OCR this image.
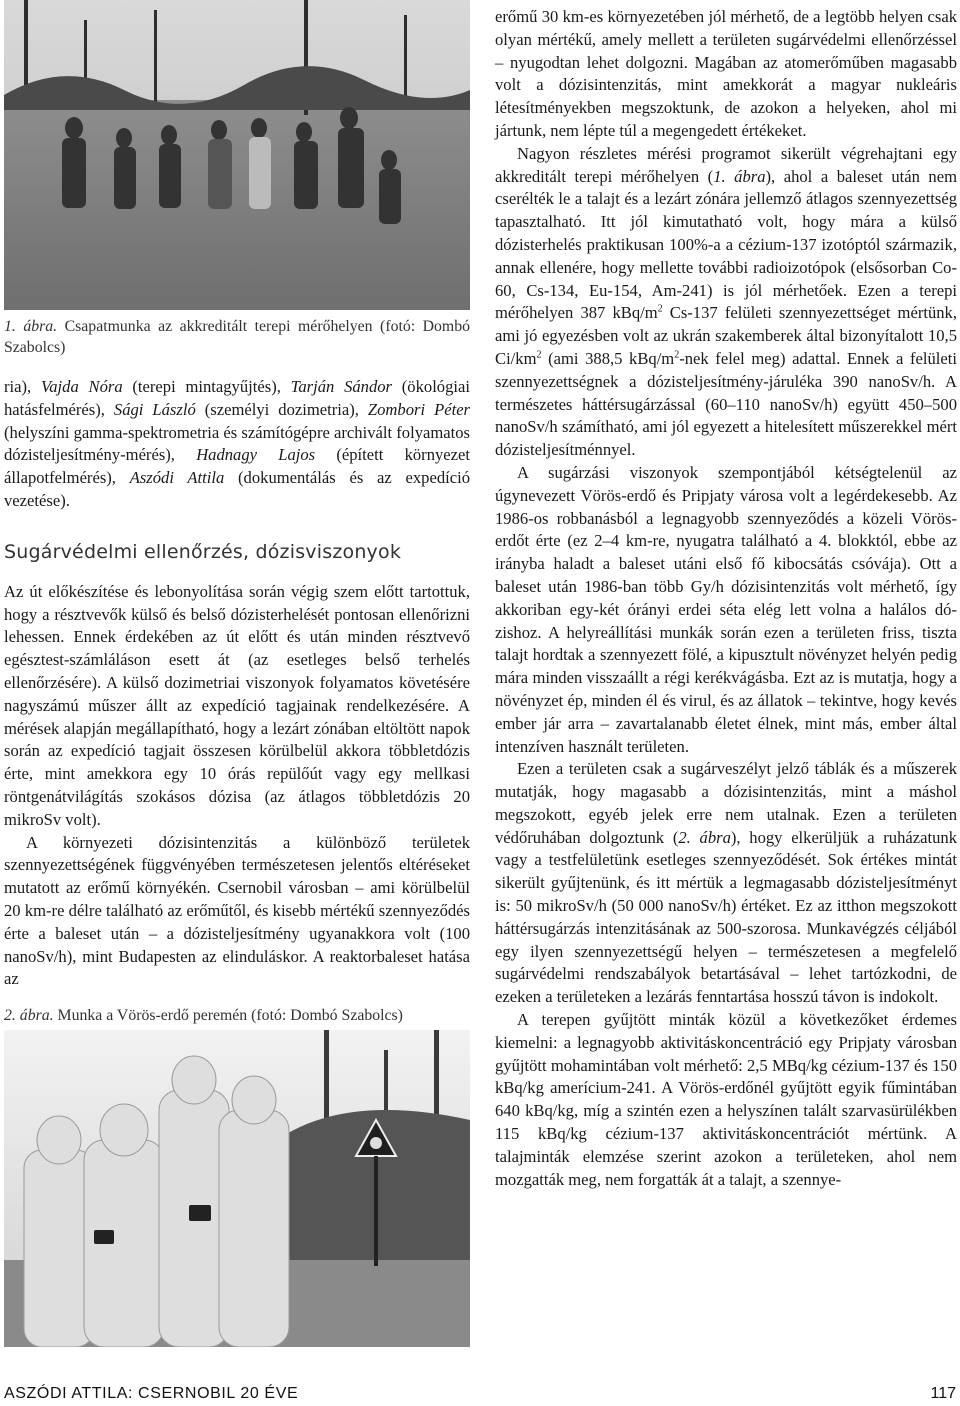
1. ábra. Csapatmunka az akkreditált terepi mérőhelyen (fotó: Dombó Szabolcs)

ria), Vajda Nóra (terepi mintagyűjtés), Tarján Sándor (ökológiai hatásfelmérés), Sági László (személyi dozimetria), Zombori Péter (helyszíni gamma-spektrometria és számítógépre archivált folyamatos dózisteljesítmény-mérés), Hadnagy Lajos (épített környezet állapotfelmérés), Aszódi Attila (dokumentálás és az expedíció vezetése).

Sugárvédelmi ellenőrzés, dózisviszonyok

Az út előkészítése és lebonyolítása során végig szem előtt tartottuk, hogy a résztvevők külső és belső dózisterhelését pontosan ellenőrizni lehessen. Ennek érdekében az út előtt és után minden résztvevő egésztest-számláláson esett át (az esetleges belső terhelés ellenőrzésére). A külső dozimetriai viszonyok folyamatos követésére nagyszámú műszer állt az expedíció tagjainak rendelkezésére. A mérések alapján megállapítható, hogy a lezárt zónában eltöltött napok során az expedíció tagjait összesen körülbelül akkora többletdózis érte, mint amekkora egy 10 órás repülőút vagy egy mellkasi röntgenátvilágítás szokásos dózisa (az átlagos többletdózis 20 mikroSv volt).

A környezeti dózisintenzitás a különböző területek szennyezettségének függvényében természetesen jelentős eltéréseket mutatott az erőmű környékén. Csernobil városban – ami körülbelül 20 km-re délre található az erőműtől, és kisebb mértékű szennyeződés érte a baleset után – a dózisteljesítmény ugyanakkora volt (100 nanoSv/h), mint Budapesten az elinduláskor. A reaktorbaleset hatása az

2. ábra. Munka a Vörös-erdő peremén (fotó: Dombó Szabolcs)

erőmű 30 km-es környezetében jól mérhető, de a legtöbb helyen csak olyan mértékű, amely mellett a területen sugárvédelmi ellenőrzéssel – nyugodtan lehet dolgozni. Magában az atomerőműben magasabb volt a dózisintenzitás, mint amekkorát a magyar nukleáris létesítményekben megszoktunk, de azokon a helyeken, ahol mi jártunk, nem lépte túl a megengedett értékeket.

Nagyon részletes mérési programot sikerült végrehajtani egy akkreditált terepi mérőhelyen (1. ábra), ahol a baleset után nem cserélték le a talajt és a lezárt zónára jellemző átlagos szennyezettség tapasztalható. Itt jól kimutatható volt, hogy mára a külső dózisterhelés praktikusan 100%-a a cézium-137 izotóptól származik, annak ellenére, hogy mellette további radioizotópok (elsősorban Co-60, Cs-134, Eu-154, Am-241) is jól mérhetőek. Ezen a terepi mérőhelyen 387 kBq/$m^2$ Cs-137 felületi szennyezettséget mértünk, ami jó egyezésben volt az ukrán szakemberek által bizonyítalott 10,5 $Ci/km^2$ (ami 388,5 kBq/$m^2$-nek felel meg) adattal. Ennek a felületi szennyezettségnek a dózisteljesítmény-járuléka 390 nanoSv/h. A természetes háttérsugárzással (60–110 nanoSv/h) együtt 450–500 nanoSv/h számítható, ami jól egyezett a hitelesített műszerekkel mért dózisteljesítménnyel.

A sugárzási viszonyok szempontjából kétségtelenül az úgynevezett Vörös-erdő és Pripjaty városa volt a legérdekesebb. Az 1986-os robbanásból a legnagyobb szennyeződés a közeli Vörös-erdőt érte (ez 2–4 km-re, nyugatra található a 4. blokktól, ebbe az irányba haladt a baleset utáni első fő kibocsátás csóvája). Ott a baleset után 1986-ban több Gy/h dózisintenzitás volt mérhető, így akkoriban egy-két órányi erdei séta elég lett volna a halálos dózishoz. A helyreállítási munkák során ezen a területen friss, tiszta talajt hordtak a szennyezett fölé, a kipusztult növényzet helyén pedig mára minden visszaállt a régi kerékvágásba. Ezt az is mutatja, hogy a növényzet ép, minden él és virul, és az állatok – tekintve, hogy kevés ember jár arra – zavartalanabb életet élnek, mint más, ember által intenzíven használt területen.

Ezen a területen csak a sugárveszélyt jelző táblák és a műszerek mutatják, hogy magasabb a dózisintenzitás, mint a máshol megszokott, egyéb jelek erre nem utalnak. Ezen a területen védőruhában dolgoztunk (2. ábra), hogy elkerüljük a ruházatunk vagy a testfelületünk esetleges szennyeződését. Sok értékes mintát sikerült gyűjtenünk, és itt mértük a legmagasabb dózisteljesítményt is: 50 mikroSv/h (50 000 nanoSv/h) értéket. Ez az itthon megszokott háttérsugárzás intenzitásának az 500-szorosa. Munkavégzés céljából egy ilyen szennyezettségű helyen – természetesen a megfelelő sugárvédelmi rendszabályok betartásával – lehet tartózkodni, de ezeken a területeken a lezárás fenntartása hosszú távon is indokolt.

A terepen gyűjtött minták közül a következőket érdemes kiemelni: a legnagyobb aktivitáskoncentráció egy Pripjaty városban gyűjtött mohamintában volt mérhető: 2,5 MBq/kg cézium-137 és 150 kBq/kg amerícium-241. A Vörös-erdőnél gyűjtött egyik fűmintában 640 kBq/kg, míg a szintén ezen a helyszínen talált szarvasürülékben 115 kBq/kg cézium-137 aktivitáskoncentrációt mértünk. A talajminták elemzése szerint azokon a területeken, ahol nem mozgatták meg, nem forgatták át a talajt, a szennye-

ASZÓDI ATTILA: CSERNOBIL 20 ÉVE	117
